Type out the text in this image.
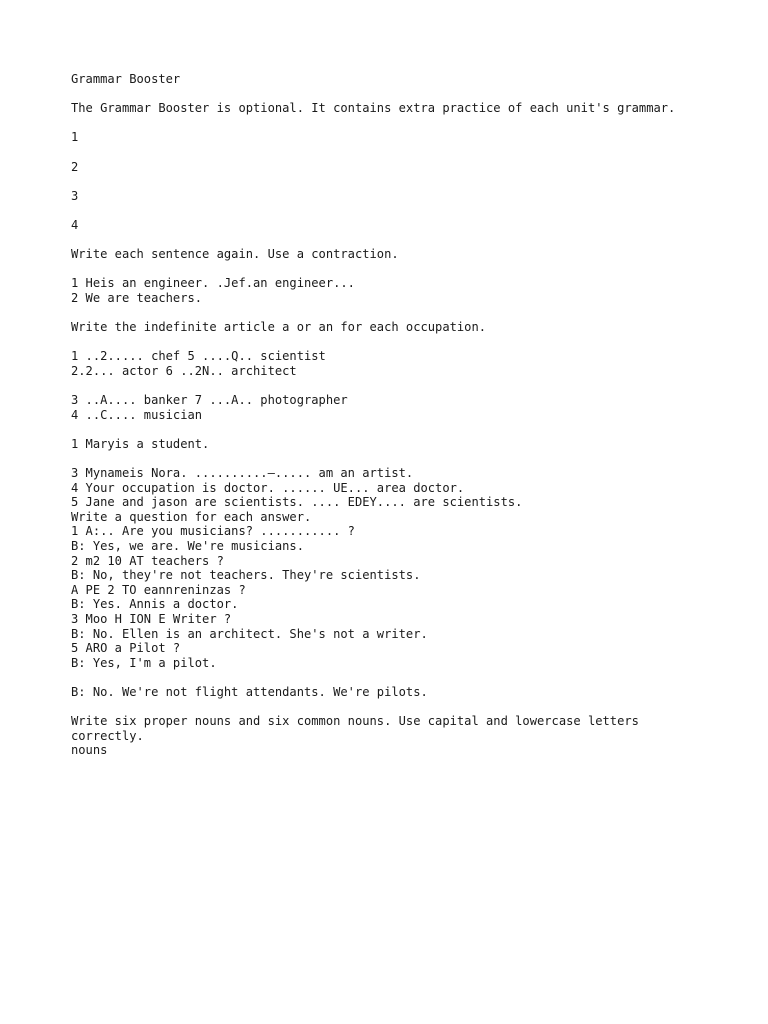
Grammar Booster
The Grammar Booster is optional. It contains extra practice of each unit's grammar.
1
2
3
4
Write each sentence again. Use a contraction.
1 Heis an engineer. .Jef.an engineer...
2 We are teachers.
Write the indefinite article a or an for each occupation.
1 ..2..... chef 5 ....Q.. scientist
2.2... actor 6 ..2N.. architect
3 ..A.... banker 7 ...A.. photographer
4 ..C.... musician
1 Maryis a student.
3 Mynameis Nora. ..........—..... am an artist.
4 Your occupation is doctor. ...... UE... area doctor.
5 Jane and jason are scientists. .... EDEY.... are scientists.
Write a question for each answer.
1 A:.. Are you musicians? ........... ?
B: Yes, we are. We're musicians.
2 m2 10 AT teachers ?
B: No, they're not teachers. They're scientists.
A PE 2 TO eannreninzas ?
B: Yes. Annis a doctor.
3 Moo H ION E Writer ?
B: No. Ellen is an architect. She's not a writer.
5 ARO a Pilot ?
B: Yes, I'm a pilot.
B: No. We're not flight attendants. We're pilots.
Write six proper nouns and six common nouns. Use capital and lowercase letters correctly.
nouns
